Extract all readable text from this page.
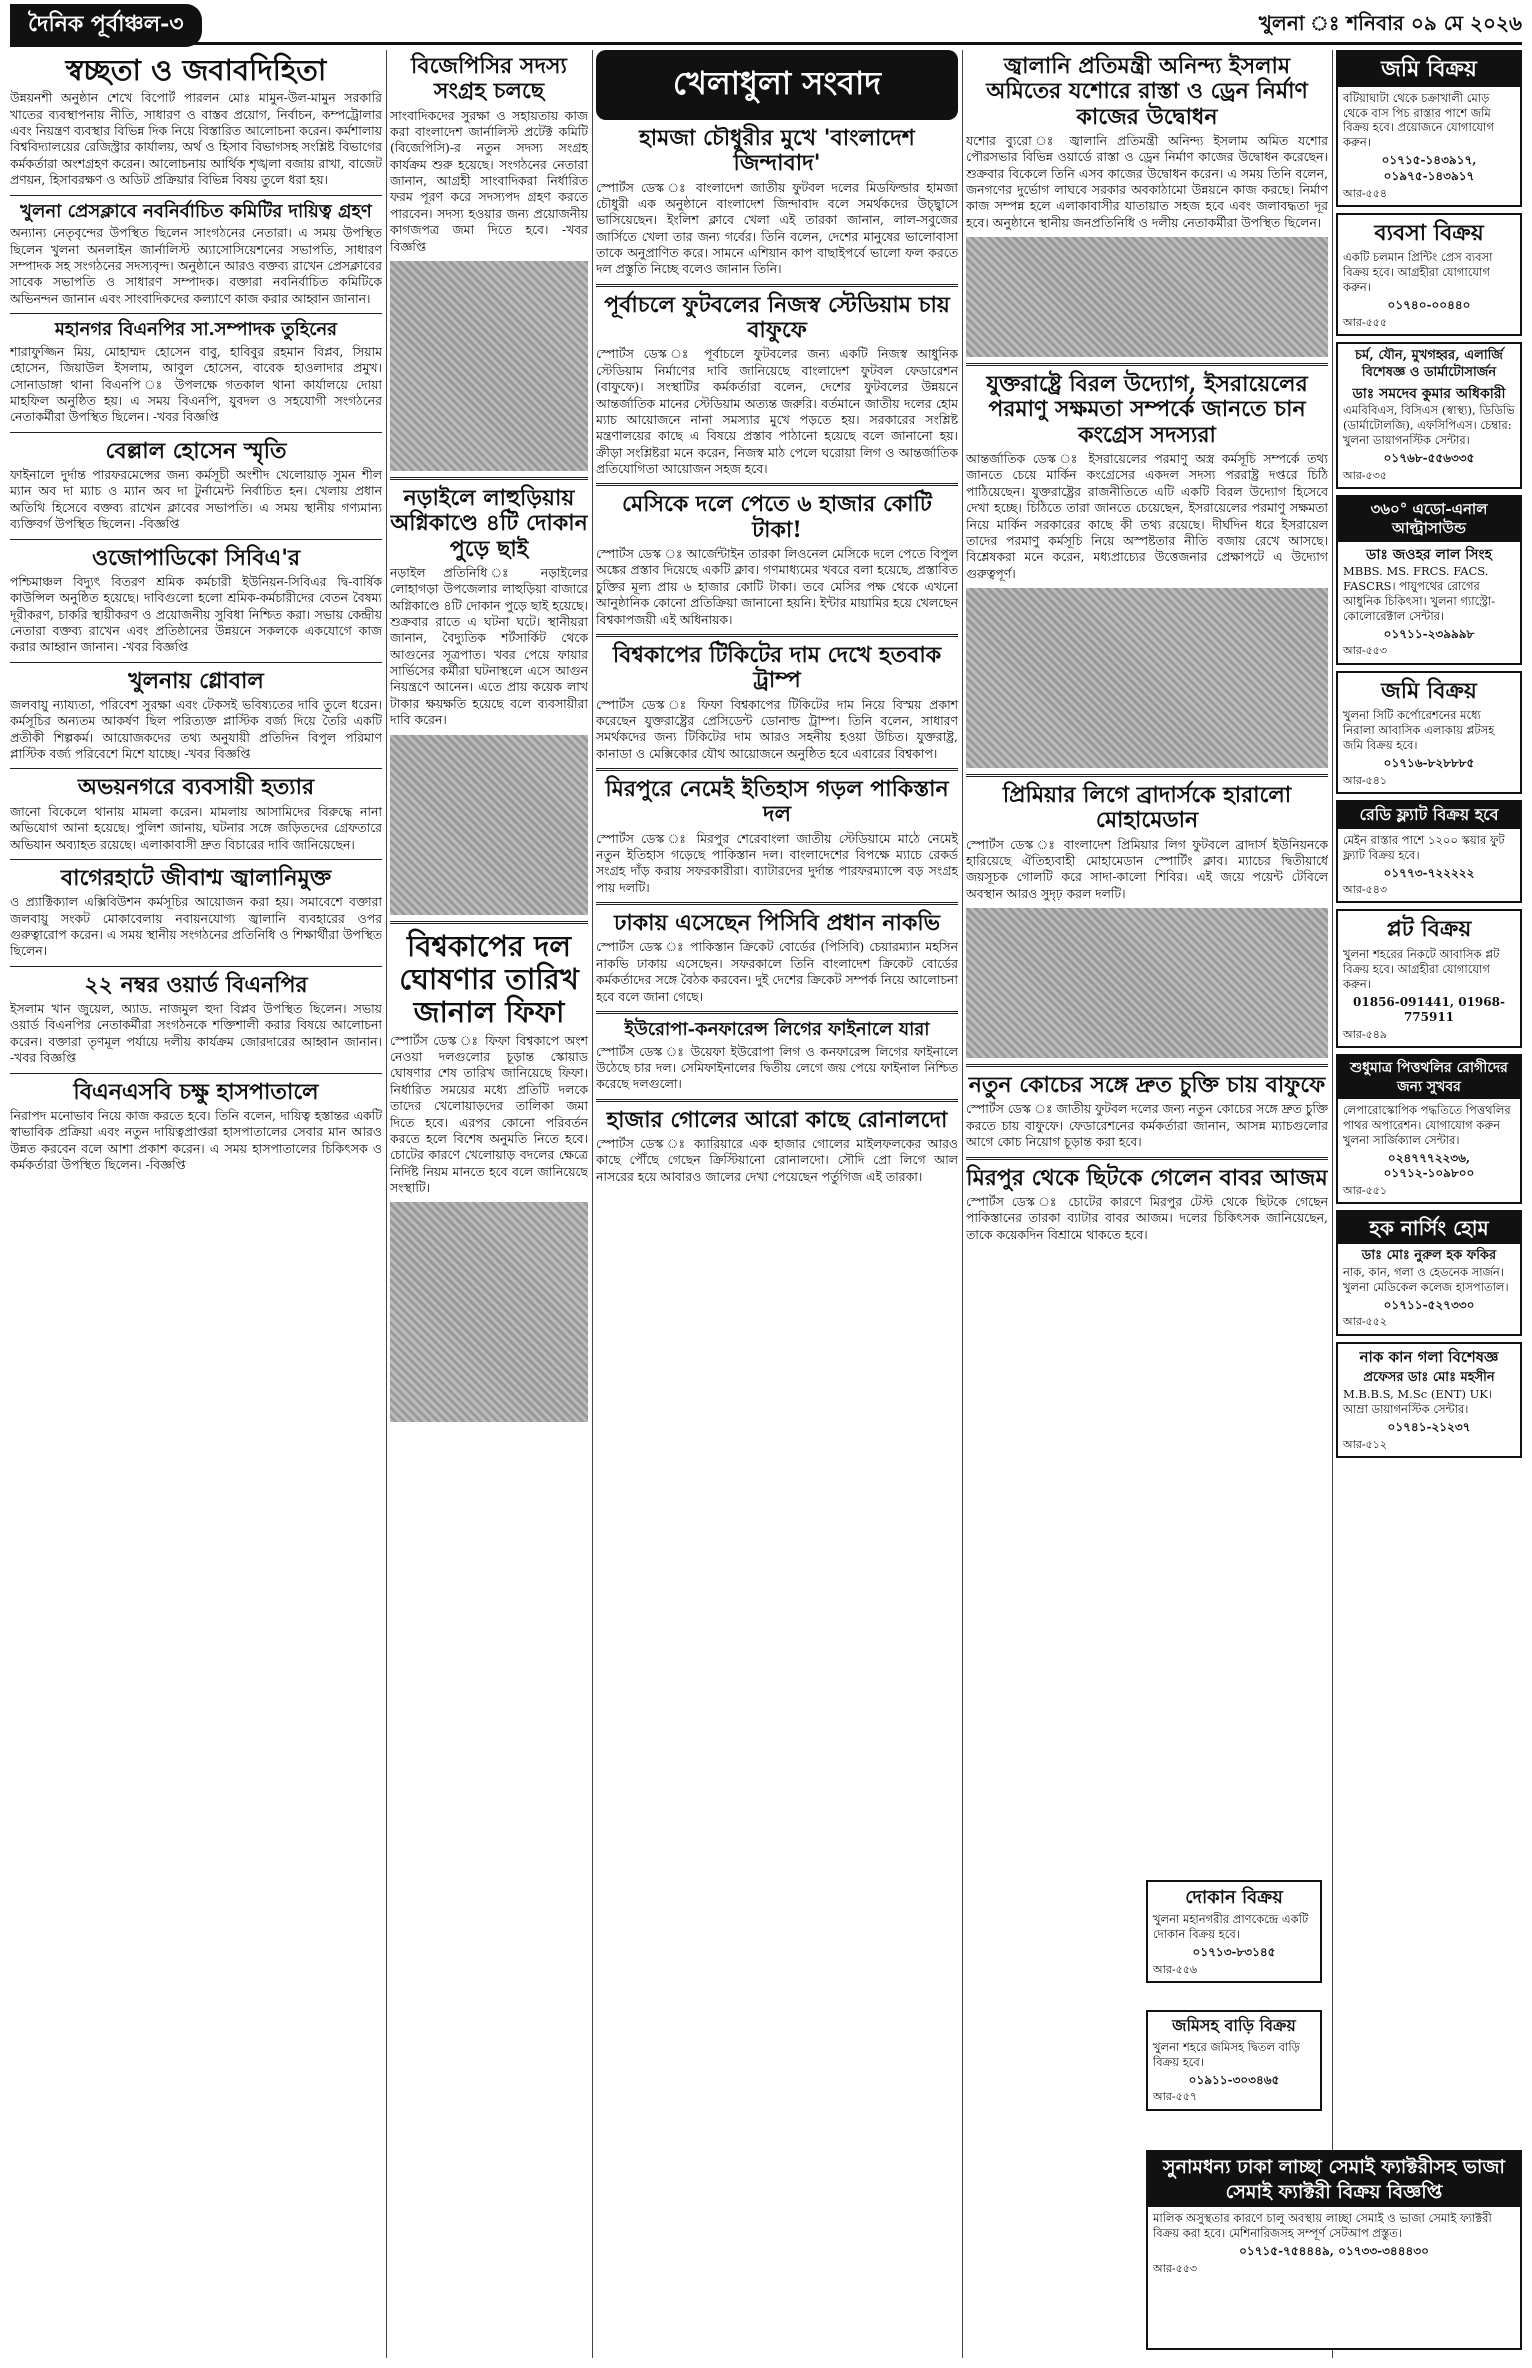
দৈনিক পূর্বাঞ্চল-৩	খুলনা ঃ শনিবার ০৯ মে ২০২৬
স্বচ্ছতা ও জবাবদিহিতা

উন্নয়নশী অনুষ্ঠান শেখে বিপোর্ট পারলন মোঃ মামুন-উল-মামুন সরকারি খাতের ব্যবস্থাপনায় নীতি, সাধারণ ও বাস্তব প্রয়োগ, নির্বাচন, কম্পট্রোলার এবং নিয়ন্ত্রণ ব্যবস্থার বিভিন্ন দিক নিয়ে বিস্তারিত আলোচনা করেন। কর্মশালায় বিশ্ববিদ্যালয়ের রেজিস্ট্রার কার্যালয়, অর্থ ও হিসাব বিভাগসহ সংশ্লিষ্ট বিভাগের কর্মকর্তারা অংশগ্রহণ করেন। আলোচনায় আর্থিক শৃঙ্খলা বজায় রাখা, বাজেট প্রণয়ন, হিসাবরক্ষণ ও অডিট প্রক্রিয়ার বিভিন্ন বিষয় তুলে ধরা হয়।

খুলনা প্রেসক্লাবে নবনির্বাচিত কমিটির দায়িত্ব গ্রহণ

অন্যান্য নেতৃবৃন্দের উপস্থিত ছিলেন সাংগঠনের নেতারা। এ সময় উপস্থিত ছিলেন খুলনা অনলাইন জার্নালিস্ট অ্যাসোসিয়েশনের সভাপতি, সাধারণ সম্পাদক সহ সংগঠনের সদস্যবৃন্দ। অনুষ্ঠানে আরও বক্তব্য রাখেন প্রেসক্লাবের সাবেক সভাপতি ও সাধারণ সম্পাদক। বক্তারা নবনির্বাচিত কমিটিকে অভিনন্দন জানান এবং সাংবাদিকদের কল্যাণে কাজ করার আহ্বান জানান।

মহানগর বিএনপির সা.সম্পাদক তুহিনের

শারাফুজ্জিন মিয়, মোহাম্মদ হোসেন বাবু, হাবিবুর রহমান বিপ্লব, সিয়াম হোসেন, জিয়াউল ইসলাম, আবুল হোসেন, বাবেক হাওলাদার প্রমুখ। সোনাডাঙ্গা থানা বিএনপি ঃ উপলক্ষে গতকাল থানা কার্যালয়ে দোয়া মাহফিল অনুষ্ঠিত হয়। এ সময় বিএনপি, যুবদল ও সহযোগী সংগঠনের নেতাকর্মীরা উপস্থিত ছিলেন। -খবর বিজ্ঞপ্তি

বেল্লাল হোসেন স্মৃতি

ফাইনালে দুর্দান্ত পারফরমেন্সের জন্য কর্মসূচী অংশীদ খেলোয়াড় সুমন শীল ম্যান অব দা ম্যাচ ও ম্যান অব দা টুর্নামেন্ট নির্বাচিত হন। খেলায় প্রধান অতিথি হিসেবে বক্তব্য রাখেন ক্লাবের সভাপতি। এ সময় স্থানীয় গণ্যমান্য ব্যক্তিবর্গ উপস্থিত ছিলেন। -বিজ্ঞপ্তি

ওজোপাডিকো সিবিএ'র

পশ্চিমাঞ্চল বিদ্যুৎ বিতরণ শ্রমিক কর্মচারী ইউনিয়ন-সিবিএর দ্বি-বার্ষিক কাউন্সিল অনুষ্ঠিত হয়েছে। দাবিগুলো হলো শ্রমিক-কর্মচারীদের বেতন বৈষম্য দূরীকরণ, চাকরি স্থায়ীকরণ ও প্রয়োজনীয় সুবিধা নিশ্চিত করা। সভায় কেন্দ্রীয় নেতারা বক্তব্য রাখেন এবং প্রতিষ্ঠানের উন্নয়নে সকলকে একযোগে কাজ করার আহ্বান জানান। -খবর বিজ্ঞপ্তি

খুলনায় গ্লোবাল

জলবায়ু ন্যায্যতা, পরিবেশ সুরক্ষা এবং টেকসই ভবিষ্যতের দাবি তুলে ধরেন। কর্মসূচির অন্যতম আকর্ষণ ছিল পরিত্যক্ত প্লাস্টিক বর্জ্য দিয়ে তৈরি একটি প্রতীকী শিল্পকর্ম। আয়োজকদের তথ্য অনুযায়ী প্রতিদিন বিপুল পরিমাণ প্লাস্টিক বর্জ্য পরিবেশে মিশে যাচ্ছে। -খবর বিজ্ঞপ্তি

অভয়নগরে ব্যবসায়ী হত্যার

জানো বিকেলে থানায় মামলা করেন। মামলায় আসামিদের বিরুদ্ধে নানা অভিযোগ আনা হয়েছে। পুলিশ জানায়, ঘটনার সঙ্গে জড়িতদের গ্রেফতারে অভিযান অব্যাহত রয়েছে। এলাকাবাসী দ্রুত বিচারের দাবি জানিয়েছেন।

বাগেরহাটে জীবাশ্ম জ্বালানিমুক্ত

ও প্র্যাক্টিক্যাল এক্সিবিউশন কর্মসূচির আয়োজন করা হয়। সমাবেশে বক্তারা জলবায়ু সংকট মোকাবেলায় নবায়নযোগ্য জ্বালানি ব্যবহারের ওপর গুরুত্বারোপ করেন। এ সময় স্থানীয় সংগঠনের প্রতিনিধি ও শিক্ষার্থীরা উপস্থিত ছিলেন।

২২ নম্বর ওয়ার্ড বিএনপির

ইসলাম খান জুয়েল, অ্যাড. নাজমুল হুদা বিপ্লব উপস্থিত ছিলেন। সভায় ওয়ার্ড বিএনপির নেতাকর্মীরা সংগঠনকে শক্তিশালী করার বিষয়ে আলোচনা করেন। বক্তারা তৃণমূল পর্যায়ে দলীয় কার্যক্রম জোরদারের আহ্বান জানান। -খবর বিজ্ঞপ্তি

বিএনএসবি চক্ষু হাসপাতালে

নিরাপদ মনোভাব নিয়ে কাজ করতে হবে। তিনি বলেন, দায়িত্ব হস্তান্তর একটি স্বাভাবিক প্রক্রিয়া এবং নতুন দায়িত্বপ্রাপ্তরা হাসপাতালের সেবার মান আরও উন্নত করবেন বলে আশা প্রকাশ করেন। এ সময় হাসপাতালের চিকিৎসক ও কর্মকর্তারা উপস্থিত ছিলেন। -বিজ্ঞপ্তি

বিজেপিসির সদস্য সংগ্রহ চলছে

সাংবাদিকদের সুরক্ষা ও সহায়তায় কাজ করা বাংলাদেশ জার্নালিস্ট প্রটেক্ট কমিটি (বিজেপিসি)-র নতুন সদস্য সংগ্রহ কার্যক্রম শুরু হয়েছে। সংগঠনের নেতারা জানান, আগ্রহী সাংবাদিকরা নির্ধারিত ফরম পূরণ করে সদস্যপদ গ্রহণ করতে পারবেন। সদস্য হওয়ার জন্য প্রয়োজনীয় কাগজপত্র জমা দিতে হবে। -খবর বিজ্ঞপ্তি

নড়াইলে লাহুড়িয়ায় অগ্নিকাণ্ডে ৪টি দোকান পুড়ে ছাই

নড়াইল প্রতিনিধি ঃ নড়াইলের লোহাগড়া উপজেলার লাহুড়িয়া বাজারে অগ্নিকাণ্ডে ৪টি দোকান পুড়ে ছাই হয়েছে। শুক্রবার রাতে এ ঘটনা ঘটে। স্থানীয়রা জানান, বৈদ্যুতিক শর্টসার্কিট থেকে আগুনের সূত্রপাত। খবর পেয়ে ফায়ার সার্ভিসের কর্মীরা ঘটনাস্থলে এসে আগুন নিয়ন্ত্রণে আনেন। এতে প্রায় কয়েক লাখ টাকার ক্ষয়ক্ষতি হয়েছে বলে ব্যবসায়ীরা দাবি করেন।

বিশ্বকাপের দল ঘোষণার তারিখ জানাল ফিফা

স্পোর্টস ডেস্ক ঃ ফিফা বিশ্বকাপে অংশ নেওয়া দলগুলোর চূড়ান্ত স্কোয়াড ঘোষণার শেষ তারিখ জানিয়েছে ফিফা। নির্ধারিত সময়ের মধ্যে প্রতিটি দলকে তাদের খেলোয়াড়দের তালিকা জমা দিতে হবে। এরপর কোনো পরিবর্তন করতে হলে বিশেষ অনুমতি নিতে হবে। চোটের কারণে খেলোয়াড় বদলের ক্ষেত্রে নির্দিষ্ট নিয়ম মানতে হবে বলে জানিয়েছে সংস্থাটি।

খেলাধুলা সংবাদ
হামজা চৌধুরীর মুখে 'বাংলাদেশ জিন্দাবাদ'

স্পোর্টস ডেস্ক ঃ বাংলাদেশ জাতীয় ফুটবল দলের মিডফিল্ডার হামজা চৌধুরী এক অনুষ্ঠানে বাংলাদেশ জিন্দাবাদ বলে সমর্থকদের উচ্ছ্বাসে ভাসিয়েছেন। ইংলিশ ক্লাবে খেলা এই তারকা জানান, লাল-সবুজের জার্সিতে খেলা তার জন্য গর্বের। তিনি বলেন, দেশের মানুষের ভালোবাসা তাকে অনুপ্রাণিত করে। সামনে এশিয়ান কাপ বাছাইপর্বে ভালো ফল করতে দল প্রস্তুতি নিচ্ছে বলেও জানান তিনি।

পূর্বাচলে ফুটবলের নিজস্ব স্টেডিয়াম চায় বাফুফে

স্পোর্টস ডেস্ক ঃ পূর্বাচলে ফুটবলের জন্য একটি নিজস্ব আধুনিক স্টেডিয়াম নির্মাণের দাবি জানিয়েছে বাংলাদেশ ফুটবল ফেডারেশন (বাফুফে)। সংস্থাটির কর্মকর্তারা বলেন, দেশের ফুটবলের উন্নয়নে আন্তর্জাতিক মানের স্টেডিয়াম অত্যন্ত জরুরি। বর্তমানে জাতীয় দলের হোম ম্যাচ আয়োজনে নানা সমস্যার মুখে পড়তে হয়। সরকারের সংশ্লিষ্ট মন্ত্রণালয়ের কাছে এ বিষয়ে প্রস্তাব পাঠানো হয়েছে বলে জানানো হয়। ক্রীড়া সংশ্লিষ্টরা মনে করেন, নিজস্ব মাঠ পেলে ঘরোয়া লিগ ও আন্তর্জাতিক প্রতিযোগিতা আয়োজন সহজ হবে।

মেসিকে দলে পেতে ৬ হাজার কোটি টাকা!

স্পোর্টস ডেস্ক ঃ আর্জেন্টাইন তারকা লিওনেল মেসিকে দলে পেতে বিপুল অঙ্কের প্রস্তাব দিয়েছে একটি ক্লাব। গণমাধ্যমের খবরে বলা হয়েছে, প্রস্তাবিত চুক্তির মূল্য প্রায় ৬ হাজার কোটি টাকা। তবে মেসির পক্ষ থেকে এখনো আনুষ্ঠানিক কোনো প্রতিক্রিয়া জানানো হয়নি। ইন্টার মায়ামির হয়ে খেলছেন বিশ্বকাপজয়ী এই অধিনায়ক।

বিশ্বকাপের টিকিটের দাম দেখে হতবাক ট্রাম্প

স্পোর্টস ডেস্ক ঃ ফিফা বিশ্বকাপের টিকিটের দাম নিয়ে বিস্ময় প্রকাশ করেছেন যুক্তরাষ্ট্রের প্রেসিডেন্ট ডোনাল্ড ট্রাম্প। তিনি বলেন, সাধারণ সমর্থকদের জন্য টিকিটের দাম আরও সহনীয় হওয়া উচিত। যুক্তরাষ্ট্র, কানাডা ও মেক্সিকোর যৌথ আয়োজনে অনুষ্ঠিত হবে এবারের বিশ্বকাপ।

মিরপুরে নেমেই ইতিহাস গড়ল পাকিস্তান দল

স্পোর্টস ডেস্ক ঃ মিরপুর শেরেবাংলা জাতীয় স্টেডিয়ামে মাঠে নেমেই নতুন ইতিহাস গড়েছে পাকিস্তান দল। বাংলাদেশের বিপক্ষে ম্যাচে রেকর্ড সংগ্রহ দাঁড় করায় সফরকারীরা। ব্যাটারদের দুর্দান্ত পারফরম্যান্সে বড় সংগ্রহ পায় দলটি।

ঢাকায় এসেছেন পিসিবি প্রধান নাকভি

স্পোর্টস ডেস্ক ঃ পাকিস্তান ক্রিকেট বোর্ডের (পিসিবি) চেয়ারম্যান মহসিন নাকভি ঢাকায় এসেছেন। সফরকালে তিনি বাংলাদেশ ক্রিকেট বোর্ডের কর্মকর্তাদের সঙ্গে বৈঠক করবেন। দুই দেশের ক্রিকেট সম্পর্ক নিয়ে আলোচনা হবে বলে জানা গেছে।

ইউরোপা-কনফারেন্স লিগের ফাইনালে যারা

স্পোর্টস ডেস্ক ঃ উয়েফা ইউরোপা লিগ ও কনফারেন্স লিগের ফাইনালে উঠেছে চার দল। সেমিফাইনালের দ্বিতীয় লেগে জয় পেয়ে ফাইনাল নিশ্চিত করেছে দলগুলো।

হাজার গোলের আরো কাছে রোনালদো

স্পোর্টস ডেস্ক ঃ ক্যারিয়ারে এক হাজার গোলের মাইলফলকের আরও কাছে পৌঁছে গেছেন ক্রিস্টিয়ানো রোনালদো। সৌদি প্রো লিগে আল নাসরের হয়ে আবারও জালের দেখা পেয়েছেন পর্তুগিজ এই তারকা।

জ্বালানি প্রতিমন্ত্রী অনিন্দ্য ইসলাম অমিতের যশোরে রাস্তা ও ড্রেন নির্মাণ কাজের উদ্বোধন

যশোর ব্যুরো ঃ জ্বালানি প্রতিমন্ত্রী অনিন্দ্য ইসলাম অমিত যশোর পৌরসভার বিভিন্ন ওয়ার্ডে রাস্তা ও ড্রেন নির্মাণ কাজের উদ্বোধন করেছেন। শুক্রবার বিকেলে তিনি এসব কাজের উদ্বোধন করেন। এ সময় তিনি বলেন, জনগণের দুর্ভোগ লাঘবে সরকার অবকাঠামো উন্নয়নে কাজ করছে। নির্মাণ কাজ সম্পন্ন হলে এলাকাবাসীর যাতায়াত সহজ হবে এবং জলাবদ্ধতা দূর হবে। অনুষ্ঠানে স্থানীয় জনপ্রতিনিধি ও দলীয় নেতাকর্মীরা উপস্থিত ছিলেন।

যুক্তরাষ্ট্রে বিরল উদ্যোগ, ইসরায়েলের পরমাণু সক্ষমতা সম্পর্কে জানতে চান কংগ্রেস সদস্যরা

আন্তর্জাতিক ডেস্ক ঃ ইসরায়েলের পরমাণু অস্ত্র কর্মসূচি সম্পর্কে তথ্য জানতে চেয়ে মার্কিন কংগ্রেসের একদল সদস্য পররাষ্ট্র দপ্তরে চিঠি পাঠিয়েছেন। যুক্তরাষ্ট্রের রাজনীতিতে এটি একটি বিরল উদ্যোগ হিসেবে দেখা হচ্ছে। চিঠিতে তারা জানতে চেয়েছেন, ইসরায়েলের পরমাণু সক্ষমতা নিয়ে মার্কিন সরকারের কাছে কী তথ্য রয়েছে। দীর্ঘদিন ধরে ইসরায়েল তাদের পরমাণু কর্মসূচি নিয়ে অস্পষ্টতার নীতি বজায় রেখে আসছে। বিশ্লেষকরা মনে করেন, মধ্যপ্রাচ্যের উত্তেজনার প্রেক্ষাপটে এ উদ্যোগ গুরুত্বপূর্ণ।

প্রিমিয়ার লিগে ব্রাদার্সকে হারালো মোহামেডান

স্পোর্টস ডেস্ক ঃ বাংলাদেশ প্রিমিয়ার লিগ ফুটবলে ব্রাদার্স ইউনিয়নকে হারিয়েছে ঐতিহ্যবাহী মোহামেডান স্পোর্টিং ক্লাব। ম্যাচের দ্বিতীয়ার্ধে জয়সূচক গোলটি করে সাদা-কালো শিবির। এই জয়ে পয়েন্ট টেবিলে অবস্থান আরও সুদৃঢ় করল দলটি।

নতুন কোচের সঙ্গে দ্রুত চুক্তি চায় বাফুফে

স্পোর্টস ডেস্ক ঃ জাতীয় ফুটবল দলের জন্য নতুন কোচের সঙ্গে দ্রুত চুক্তি করতে চায় বাফুফে। ফেডারেশনের কর্মকর্তারা জানান, আসন্ন ম্যাচগুলোর আগে কোচ নিয়োগ চূড়ান্ত করা হবে।

মিরপুর থেকে ছিটকে গেলেন বাবর আজম

স্পোর্টস ডেস্ক ঃ চোটের কারণে মিরপুর টেস্ট থেকে ছিটকে গেছেন পাকিস্তানের তারকা ব্যাটার বাবর আজম। দলের চিকিৎসক জানিয়েছেন, তাকে কয়েকদিন বিশ্রামে থাকতে হবে।

জমি বিক্রয়
বটিয়াঘাটা থেকে চক্রাখালী মোড় থেকে বাস পিচ রাস্তার পাশে জমি বিক্রয় হবে। প্রয়োজনে যোগাযোগ করুন।
০১৭১৫-১৪৩৯১৭, ০১৯৭৫-১৪৩৯১৭
আর-৫৫৪
ব্যবসা বিক্রয়
একটি চলমান প্রিন্টিং প্রেস ব্যবসা বিক্রয় হবে। আগ্রহীরা যোগাযোগ করুন।
০১৭৪০-০০৪৪০
আর-৫৫৫
চর্ম, যৌন, মুখগহ্বর, এলার্জি বিশেষজ্ঞ ও ডার্মাটোসার্জন
ডাঃ সমদেব কুমার অধিকারী
এমবিবিএস, বিসিএস (স্বাস্থ্য), ডিডিভি (ডার্মাটোলজি), এফসিপিএস। চেম্বার: খুলনা ডায়াগনস্টিক সেন্টার।
০১৭৬৮-৫৫৬৩৩৫
আর-৫৩৫
৩৬০° এডো-এনাল আল্ট্রাসাউন্ড
ডাঃ জওহর লাল সিংহ
MBBS. MS. FRCS. FACS. FASCRS। পায়ুপথের রোগের আধুনিক চিকিৎসা। খুলনা গ্যাস্ট্রো-কোলোরেক্টাল সেন্টার।
০১৭১১-২৩৯৯৯৮
আর-৫৫৩
জমি বিক্রয়
খুলনা সিটি কর্পোরেশনের মধ্যে নিরালা আবাসিক এলাকায় প্লটসহ জমি বিক্রয় হবে।
০১৭১৬-৮২৮৮৮৫
আর-৫৪১
রেডি ফ্ল্যাট বিক্রয় হবে
মেইন রাস্তার পাশে ১২০০ স্কয়ার ফুট ফ্ল্যাট বিক্রয় হবে।
০১৭৭৩-৭২২২২২
আর-৫৪৩
প্লট বিক্রয়
খুলনা শহরের নিকটে আবাসিক প্লট বিক্রয় হবে। আগ্রহীরা যোগাযোগ করুন।
01856-091441, 01968-775911
আর-৫৪৯
শুধুমাত্র পিত্তথলির রোগীদের জন্য সুখবর
লেপারোস্কোপিক পদ্ধতিতে পিত্তথলির পাথর অপারেশন। যোগাযোগ করুন খুলনা সার্জিক্যাল সেন্টার।
০২৪৭৭৭২২৩৬, ০১৭১২-১০৯৮০০
আর-৫৫১
হক নার্সিং হোম
ডাঃ মোঃ নুরুল হক ফকির
নাক, কান, গলা ও হেডনেক সার্জন। খুলনা মেডিকেল কলেজ হাসপাতাল।
০১৭১১-৫২৭৩৩০
আর-৫৫২
নাক কান গলা বিশেষজ্ঞ
প্রফেসর ডাঃ মোঃ মহসীন
M.B.B.S, M.Sc (ENT) UK। আম্রা ডায়াগনস্টিক সেন্টার।
০১৭৪১-২১২৩৭
আর-৫১২
দোকান বিক্রয়
খুলনা মহানগরীর প্রাণকেন্দ্রে একটি দোকান বিক্রয় হবে।
০১৭১৩-৮৩১৪৫
আর-৫৫৬
জমিসহ বাড়ি বিক্রয়
খুলনা শহরে জমিসহ দ্বিতল বাড়ি বিক্রয় হবে।
০১৯১১-৩০৩৪৬৫
আর-৫৫৭
সুনামধন্য ঢাকা লাচ্ছা সেমাই ফ্যাক্টরীসহ ভাজা সেমাই ফ্যাক্টরী বিক্রয় বিজ্ঞপ্তি
মালিক অসুস্থতার কারণে চালু অবস্থায় লাচ্ছা সেমাই ও ভাজা সেমাই ফ্যাক্টরী বিক্রয় করা হবে। মেশিনারিজসহ সম্পূর্ণ সেটআপ প্রস্তুত।
০১৭১৫-৭৫৪৪৪৯, ০১৭৩৩-৩৪৪৪৩০
আর-৫৫৩
